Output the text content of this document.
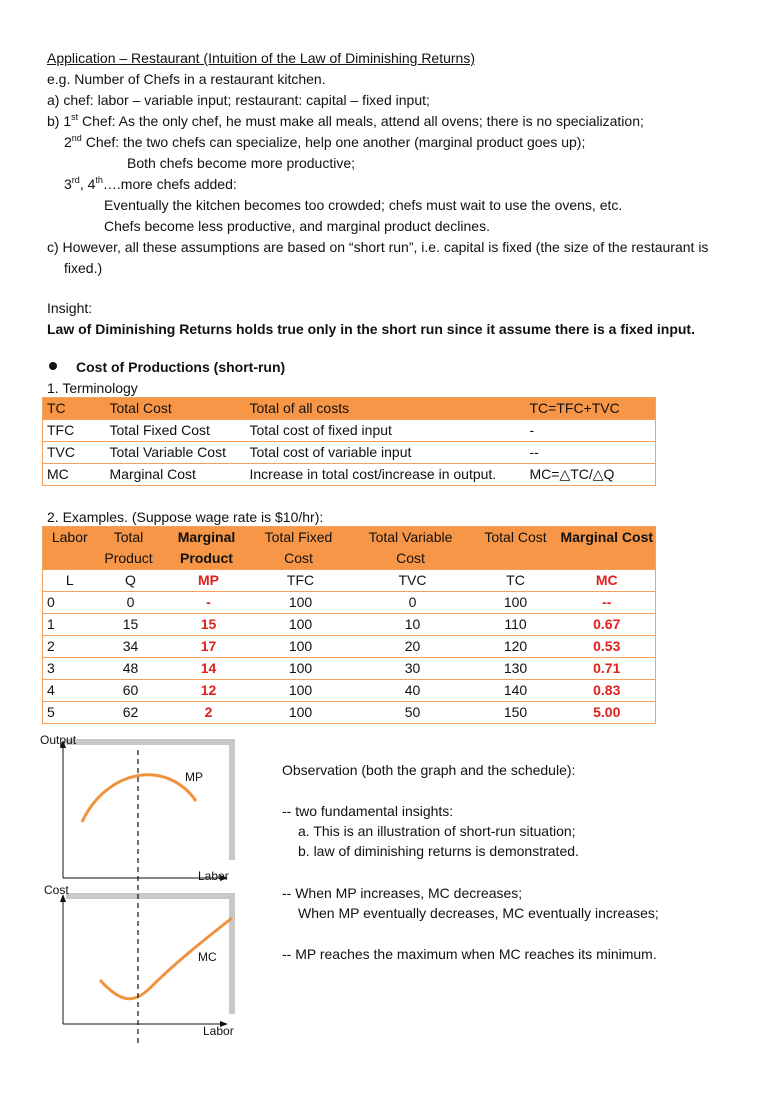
Application – Restaurant (Intuition of the Law of Diminishing Returns)
e.g. Number of Chefs in a restaurant kitchen.
a) chef: labor – variable input; restaurant: capital – fixed input;
b) 1st Chef: As the only chef, he must make all meals, attend all ovens; there is no specialization;
2nd Chef: the two chefs can specialize, help one another (marginal product goes up);
Both chefs become more productive;
3rd, 4th….more chefs added:
Eventually the kitchen becomes too crowded; chefs must wait to use the ovens, etc.
Chefs become less productive, and marginal product declines.
c) However, all these assumptions are based on “short run”, i.e. capital is fixed (the size of the restaurant is
fixed.)
Insight:
Law of Diminishing Returns holds true only in the short run since it assume there is a fixed input.
Cost of Productions (short-run)
1. Terminology
TC	Total Cost	Total of all costs	TC=TFC+TVC
TFC	Total Fixed Cost	Total cost of fixed input	-
TVC	Total Variable Cost	Total cost of variable input	--
MC	Marginal Cost	Increase in total cost/increase in output.	MC=△TC/△Q
2. Examples. (Suppose wage rate is $10/hr):
Labor	Total Product	Marginal Product	Total Fixed Cost	Total Variable Cost	Total Cost	Marginal Cost
L	Q	MP	TFC	TVC	TC	MC
0	0	-	100	0	100	--
1	15	15	100	10	110	0.67
2	34	17	100	20	120	0.53
3	48	14	100	30	130	0.71
4	60	12	100	40	140	0.83
5	62	2	100	50	150	5.00
Output
Labor
MP
Cost
Labor
MC
Observation (both the graph and the schedule):
-- two fundamental insights:
a. This is an illustration of short-run situation;
b. law of diminishing returns is demonstrated.
-- When MP increases, MC decreases;
When MP eventually decreases, MC eventually increases;
-- MP reaches the maximum when MC reaches its minimum.
